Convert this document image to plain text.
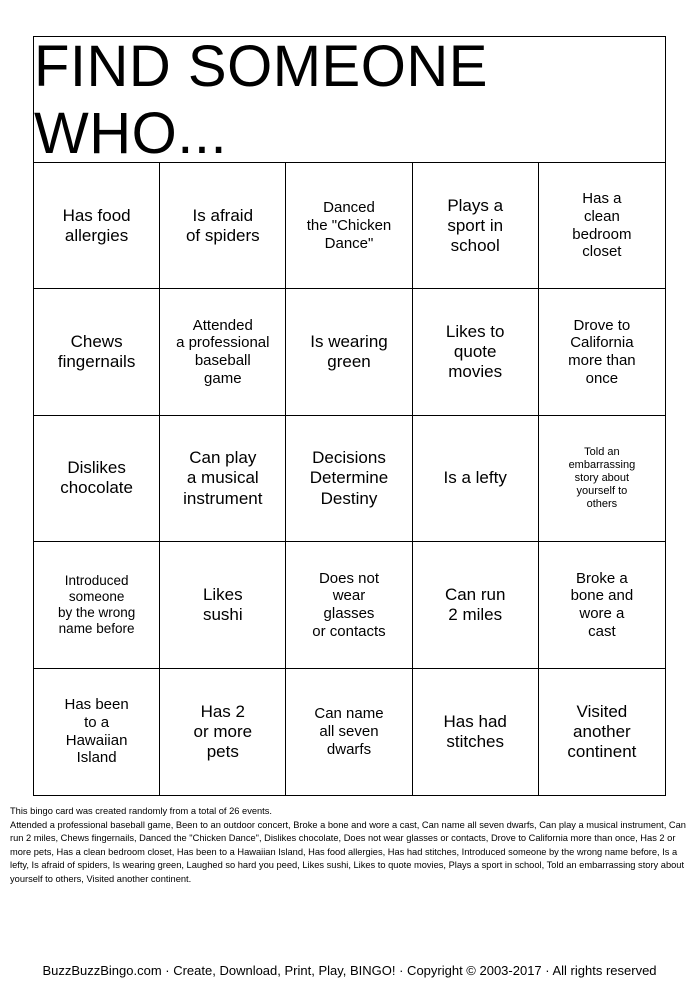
FIND SOMEONE WHO...
Has food
allergies
Is afraid
of spiders
Danced
the "Chicken
Dance"
Plays a
sport in
school
Has a
clean
bedroom
closet
Chews
fingernails
Attended
a professional
baseball
game
Is wearing
green
Likes to
quote
movies
Drove to
California
more than
once
Dislikes
chocolate
Can play
a musical
instrument
Decisions
Determine
Destiny
Is a lefty
Told an
embarrassing
story about
yourself to
others
Introduced
someone
by the wrong
name before
Likes
sushi
Does not
wear
glasses
or contacts
Can run
2 miles
Broke a
bone and
wore a
cast
Has been
to a
Hawaiian
Island
Has 2
or more
pets
Can name
all seven
dwarfs
Has had
stitches
Visited
another
continent

This bingo card was created randomly from a total of 26 events.

Attended a professional baseball game, Been to an outdoor concert, Broke a bone and wore a cast, Can name all seven dwarfs, Can play a musical instrument, Can run 2 miles, Chews fingernails, Danced the "Chicken Dance", Dislikes chocolate, Does not wear glasses or contacts, Drove to California more than once, Has 2 or more pets, Has a clean bedroom closet, Has been to a Hawaiian Island, Has food allergies, Has had stitches, Introduced someone by the wrong name before, Is a lefty, Is afraid of spiders, Is wearing green, Laughed so hard you peed, Likes sushi, Likes to quote movies, Plays a sport in school, Told an embarrassing story about yourself to others, Visited another continent.

BuzzBuzzBingo.com · Create, Download, Print, Play, BINGO! · Copyright © 2003-2017 · All rights reserved
